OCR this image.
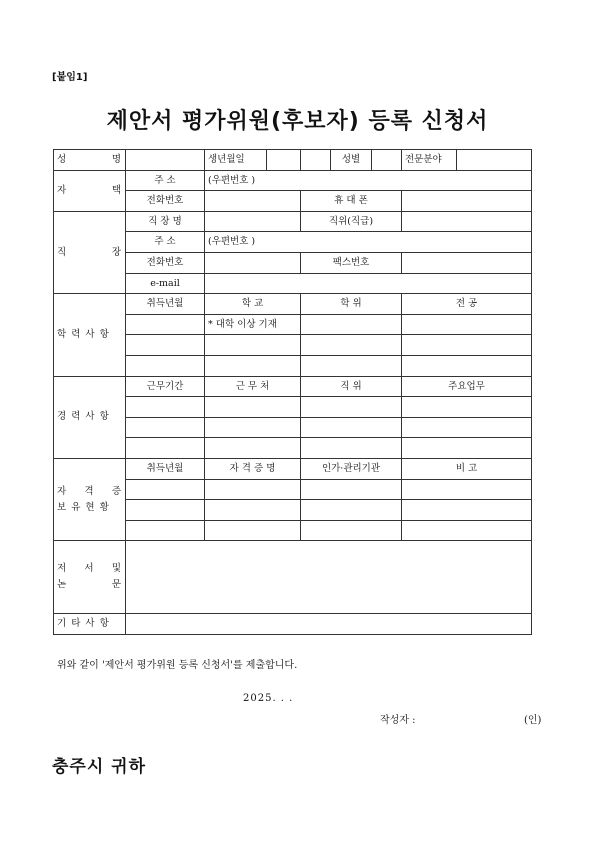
[붙임1]
제안서 평가위원(후보자) 등록 신청서
성 명		생년월일	성별		전문분야

자 택	주 소	(우편번호 )			
	전화번호		휴 대 폰		

직 장	직 장 명		직위(직급)		
	주 소	(우편번호 )			
	전화번호		팩스번호		
	e-mail				
학 력 사 항	취득년월	학 교	학 위		전 공
		* 대학 이상 기재			

경 력 사 항	근무기간	근 무 처	직 위		주요업무

자 격 증
보 유 현 황	취득년월	자 격 증 명	인가·관리기관		비 고

저 서 및
논 문					

기 타 사 항					
위와 같이 '제안서 평가위원 등록 신청서'를 제출합니다.
2025. . .
작성자 :	(인)
충주시 귀하
